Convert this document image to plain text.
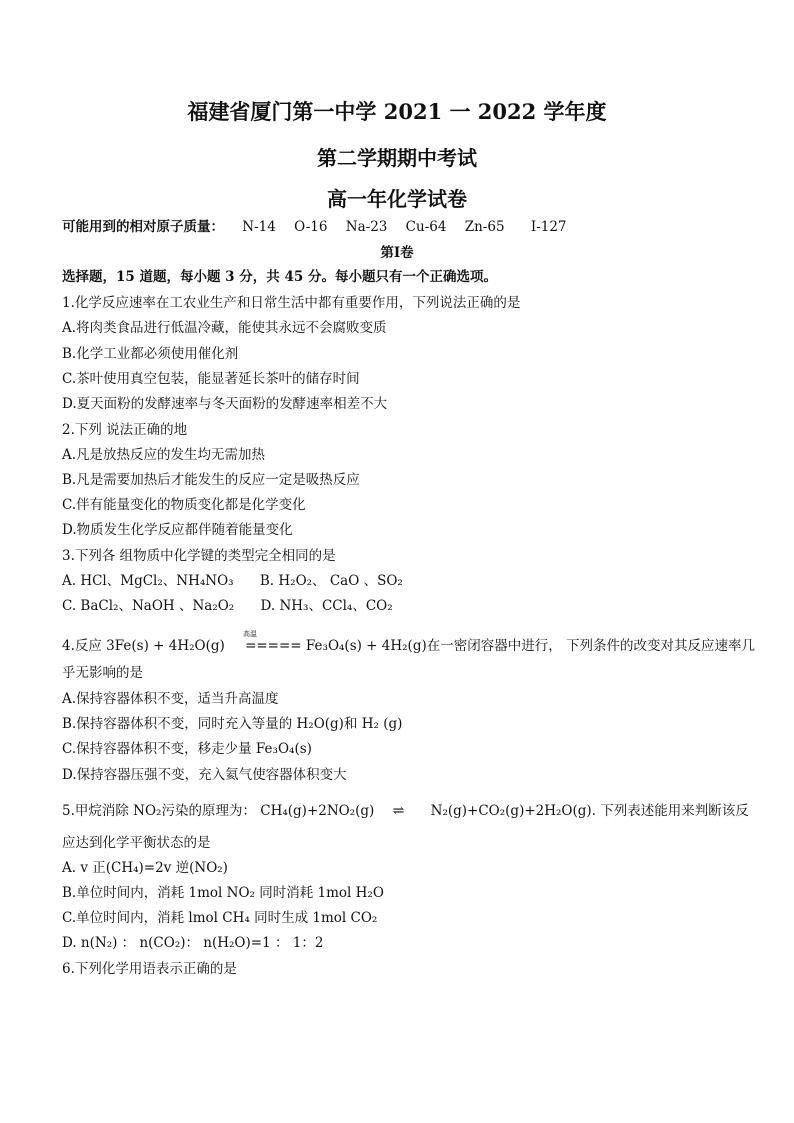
福建省厦门第一中学 2021 一 2022 学年度
第二学期期中考试
高一年化学试卷
可能用到的相对原子质量： N-14 O-16 Na-23 Cu-64 Zn-65 I-127
第Ⅰ卷
选择题，15 道题，每小题 3 分，共 45 分。每小题只有一个正确选项。
1.化学反应速率在工农业生产和日常生活中都有重要作用，下列说法正确的是
A.将肉类食品进行低温冷藏，能使其永远不会腐败变质
B.化学工业都必须使用催化剂
C.茶叶使用真空包装，能显著延长茶叶的储存时间
D.夏天面粉的发酵速率与冬天面粉的发酵速率相差不大
2.下列 说法正确的地
A.凡是放热反应的发生均无需加热
B.凡是需要加热后才能发生的反应一定是吸热反应
C.伴有能量变化的物质变化都是化学变化
D.物质发生化学反应都伴随着能量变化
3.下列各 组物质中化学键的类型完全相同的是
A. HCl、MgCl₂、NH₄NO₃ B. H₂O₂、 CaO 、SO₂
C. BaCl₂、NaOH 、Na₂O₂ D. NH₃、CCl₄、CO₂
高温
4.反应 3Fe(s) + 4H₂O(g) ===== Fe₃O₄(s) + 4H₂(g)在一密闭容器中进行， 下列条件的改变对其反应速率几
乎无影响的是
A.保持容器体积不变，适当升高温度
B.保持容器体积不变，同时充入等量的 H₂O(g)和 H₂ (g)
C.保持容器体积不变，移走少量 Fe₃O₄(s)
D.保持容器压强不变，充入氦气使容器体积变大
5.甲烷消除 NO₂污染的原理为： CH₄(g)+2NO₂(g) ⇌ N₂(g)+CO₂(g)+2H₂O(g). 下列表述能用来判断该反
应达到化学平衡状态的是
A. v 正(CH₄)=2v 逆(NO₂)
B.单位时间内，消耗 1mol NO₂ 同时消耗 1mol H₂O
C.单位时间内，消耗 lmol CH₄ 同时生成 1mol CO₂
D. n(N₂) ： n(CO₂)： n(H₂O)=1 ： 1：2
6.下列化学用语表示正确的是
